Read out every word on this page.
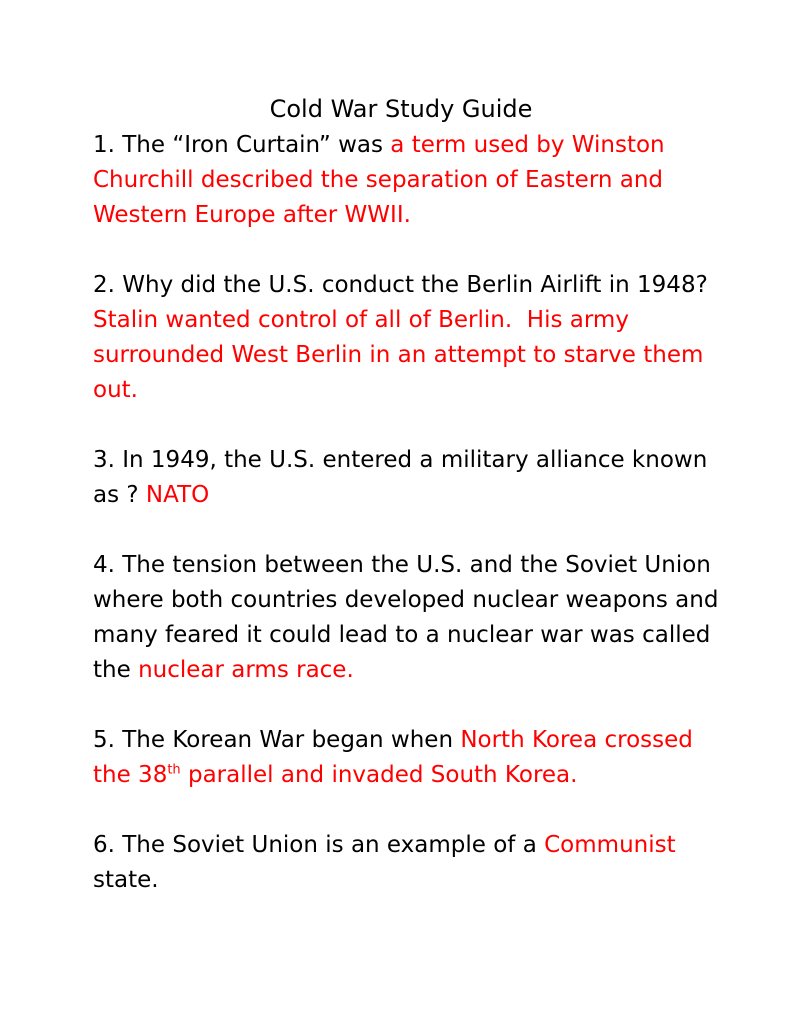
Cold War Study Guide

1. The “Iron Curtain” was a term used by Winston Churchill described the separation of Eastern and Western Europe after WWII.

2. Why did the U.S. conduct the Berlin Airlift in 1948? Stalin wanted control of all of Berlin.  His army surrounded West Berlin in an attempt to starve them out.

3. In 1949, the U.S. entered a military alliance known as ? NATO

4. The tension between the U.S. and the Soviet Union where both countries developed nuclear weapons and many feared it could lead to a nuclear war was called the nuclear arms race.

5. The Korean War began when North Korea crossed the 38th parallel and invaded South Korea.

6. The Soviet Union is an example of a Communist
state.
